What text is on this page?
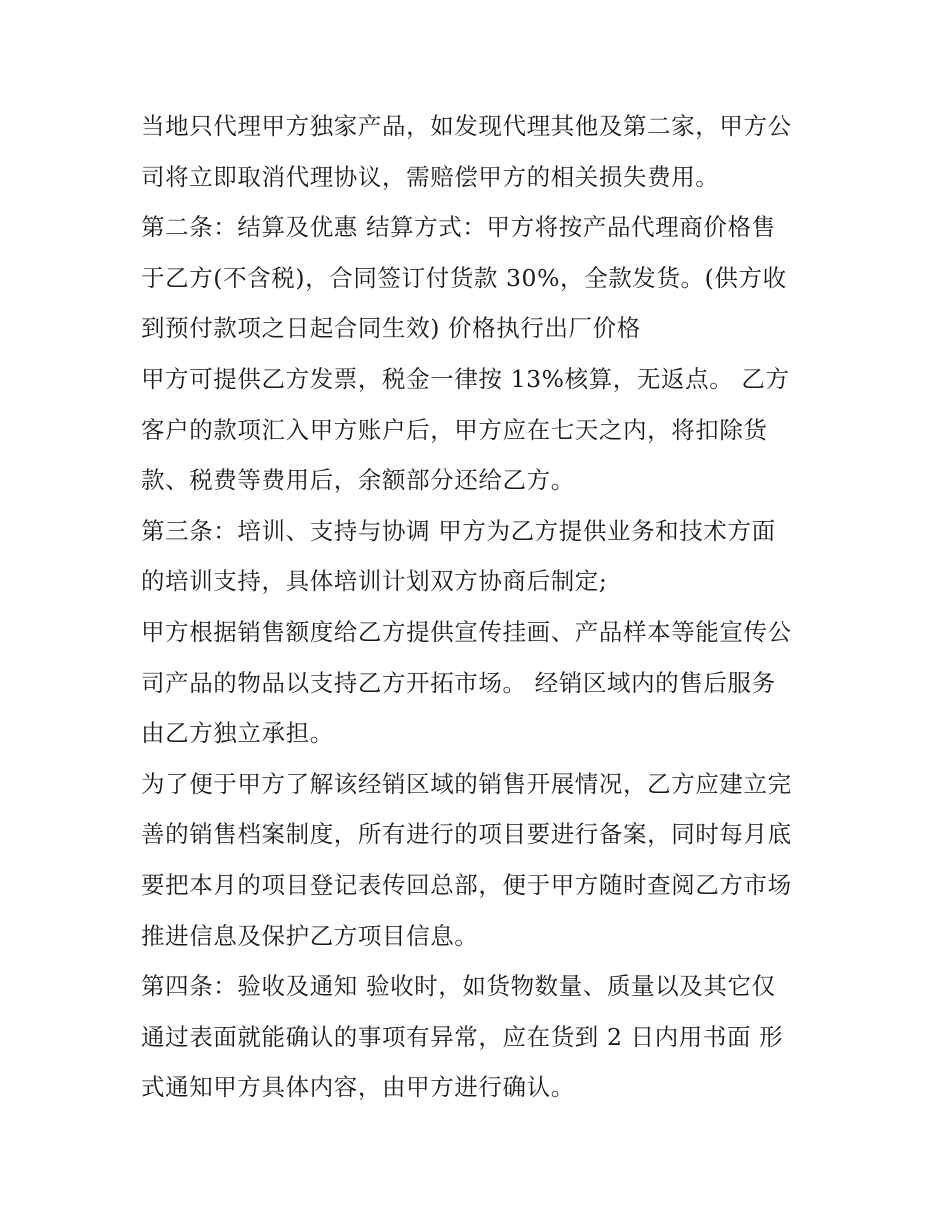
当地只代理甲方独家产品，如发现代理其他及第二家，甲方公
司将立即取消代理协议，需赔偿甲方的相关损失费用。
第二条：结算及优惠 结算方式：甲方将按产品代理商价格售
于乙方(不含税)，合同签订付货款 30%，全款发货。(供方收
到预付款项之日起合同生效) 价格执行出厂价格
甲方可提供乙方发票，税金一律按 13%核算，无返点。 乙方
客户的款项汇入甲方账户后，甲方应在七天之内，将扣除货
款、税费等费用后，余额部分还给乙方。
第三条：培训、支持与协调 甲方为乙方提供业务和技术方面
的培训支持，具体培训计划双方协商后制定;
甲方根据销售额度给乙方提供宣传挂画、产品样本等能宣传公
司产品的物品以支持乙方开拓市场。 经销区域内的售后服务
由乙方独立承担。
为了便于甲方了解该经销区域的销售开展情况，乙方应建立完
善的销售档案制度，所有进行的项目要进行备案，同时每月底
要把本月的项目登记表传回总部，便于甲方随时查阅乙方市场
推进信息及保护乙方项目信息。
第四条：验收及通知 验收时，如货物数量、质量以及其它仅
通过表面就能确认的事项有异常，应在货到 2 日内用书面 形
式通知甲方具体内容，由甲方进行确认。
